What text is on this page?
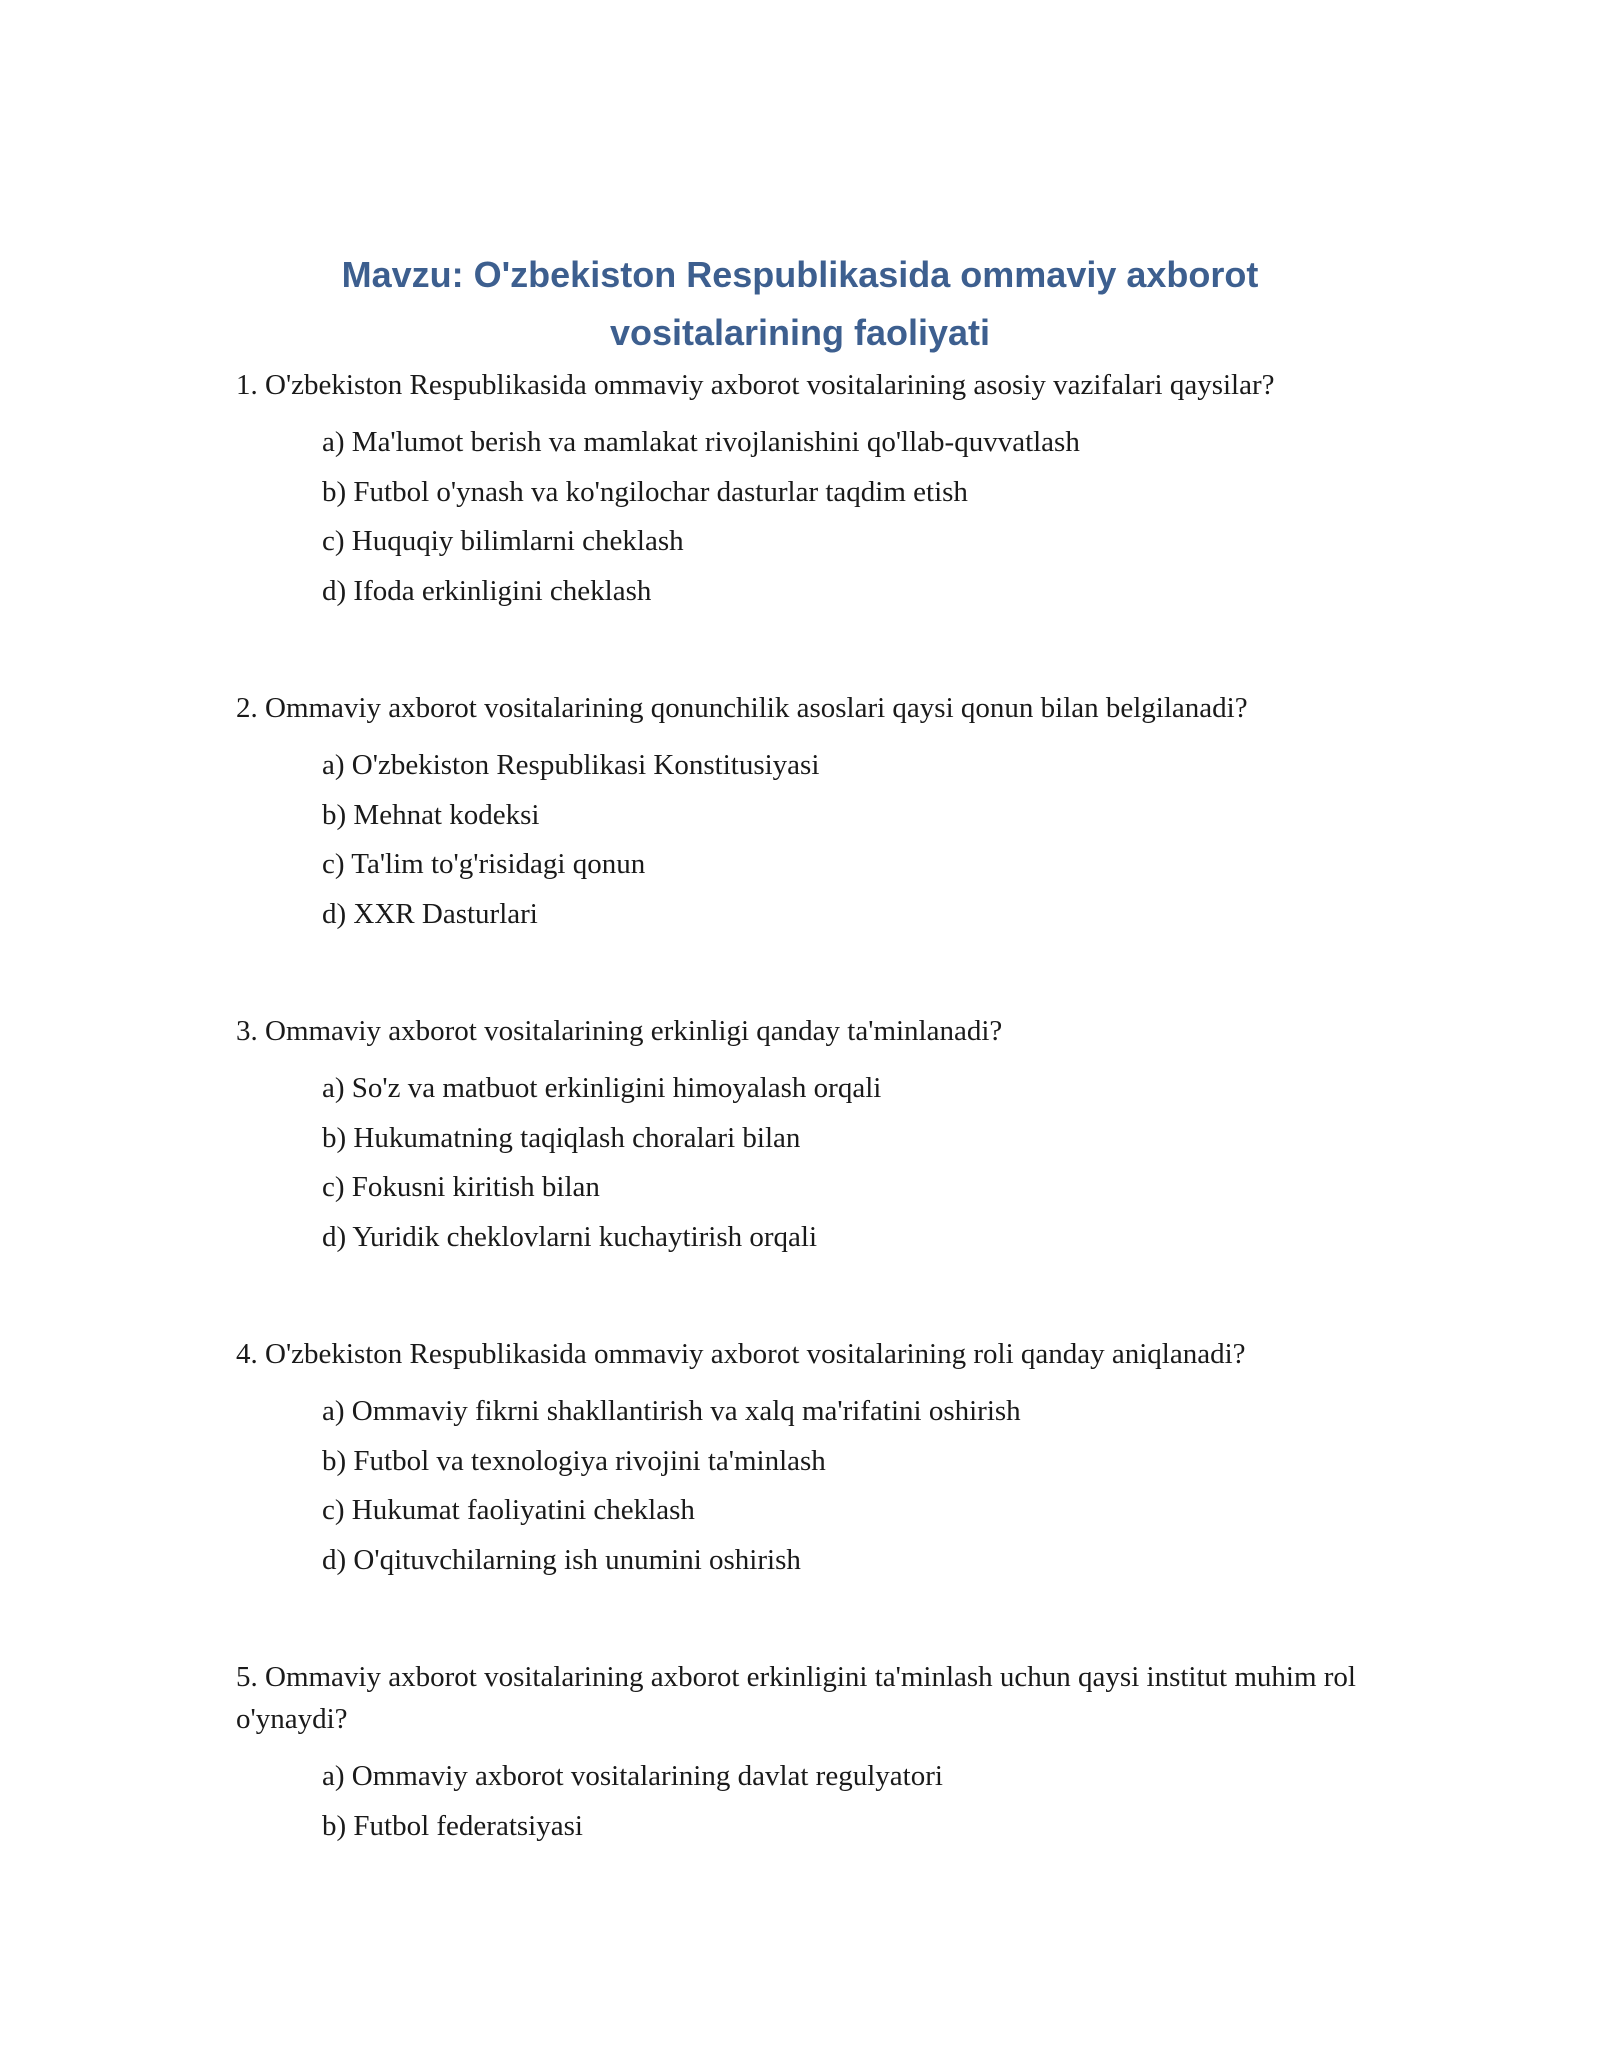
Mavzu: O'zbekiston Respublikasida ommaviy axborot
vositalarining faoliyati

1. O'zbekiston Respublikasida ommaviy axborot vositalarining asosiy vazifalari qaysilar?

a) Ma'lumot berish va mamlakat rivojlanishini qo'llab-quvvatlash
b) Futbol o'ynash va ko'ngilochar dasturlar taqdim etish
c) Huquqiy bilimlarni cheklash
d) Ifoda erkinligini cheklash

2. Ommaviy axborot vositalarining qonunchilik asoslari qaysi qonun bilan belgilanadi?

a) O'zbekiston Respublikasi Konstitusiyasi
b) Mehnat kodeksi
c) Ta'lim to'g'risidagi qonun
d) XXR Dasturlari

3. Ommaviy axborot vositalarining erkinligi qanday ta'minlanadi?

a) So'z va matbuot erkinligini himoyalash orqali
b) Hukumatning taqiqlash choralari bilan
c) Fokusni kiritish bilan
d) Yuridik cheklovlarni kuchaytirish orqali

4. O'zbekiston Respublikasida ommaviy axborot vositalarining roli qanday aniqlanadi?

a) Ommaviy fikrni shakllantirish va xalq ma'rifatini oshirish
b) Futbol va texnologiya rivojini ta'minlash
c) Hukumat faoliyatini cheklash
d) O'qituvchilarning ish unumini oshirish

5. Ommaviy axborot vositalarining axborot erkinligini ta'minlash uchun qaysi institut muhim rol o'ynaydi?

a) Ommaviy axborot vositalarining davlat regulyatori
b) Futbol federatsiyasi
